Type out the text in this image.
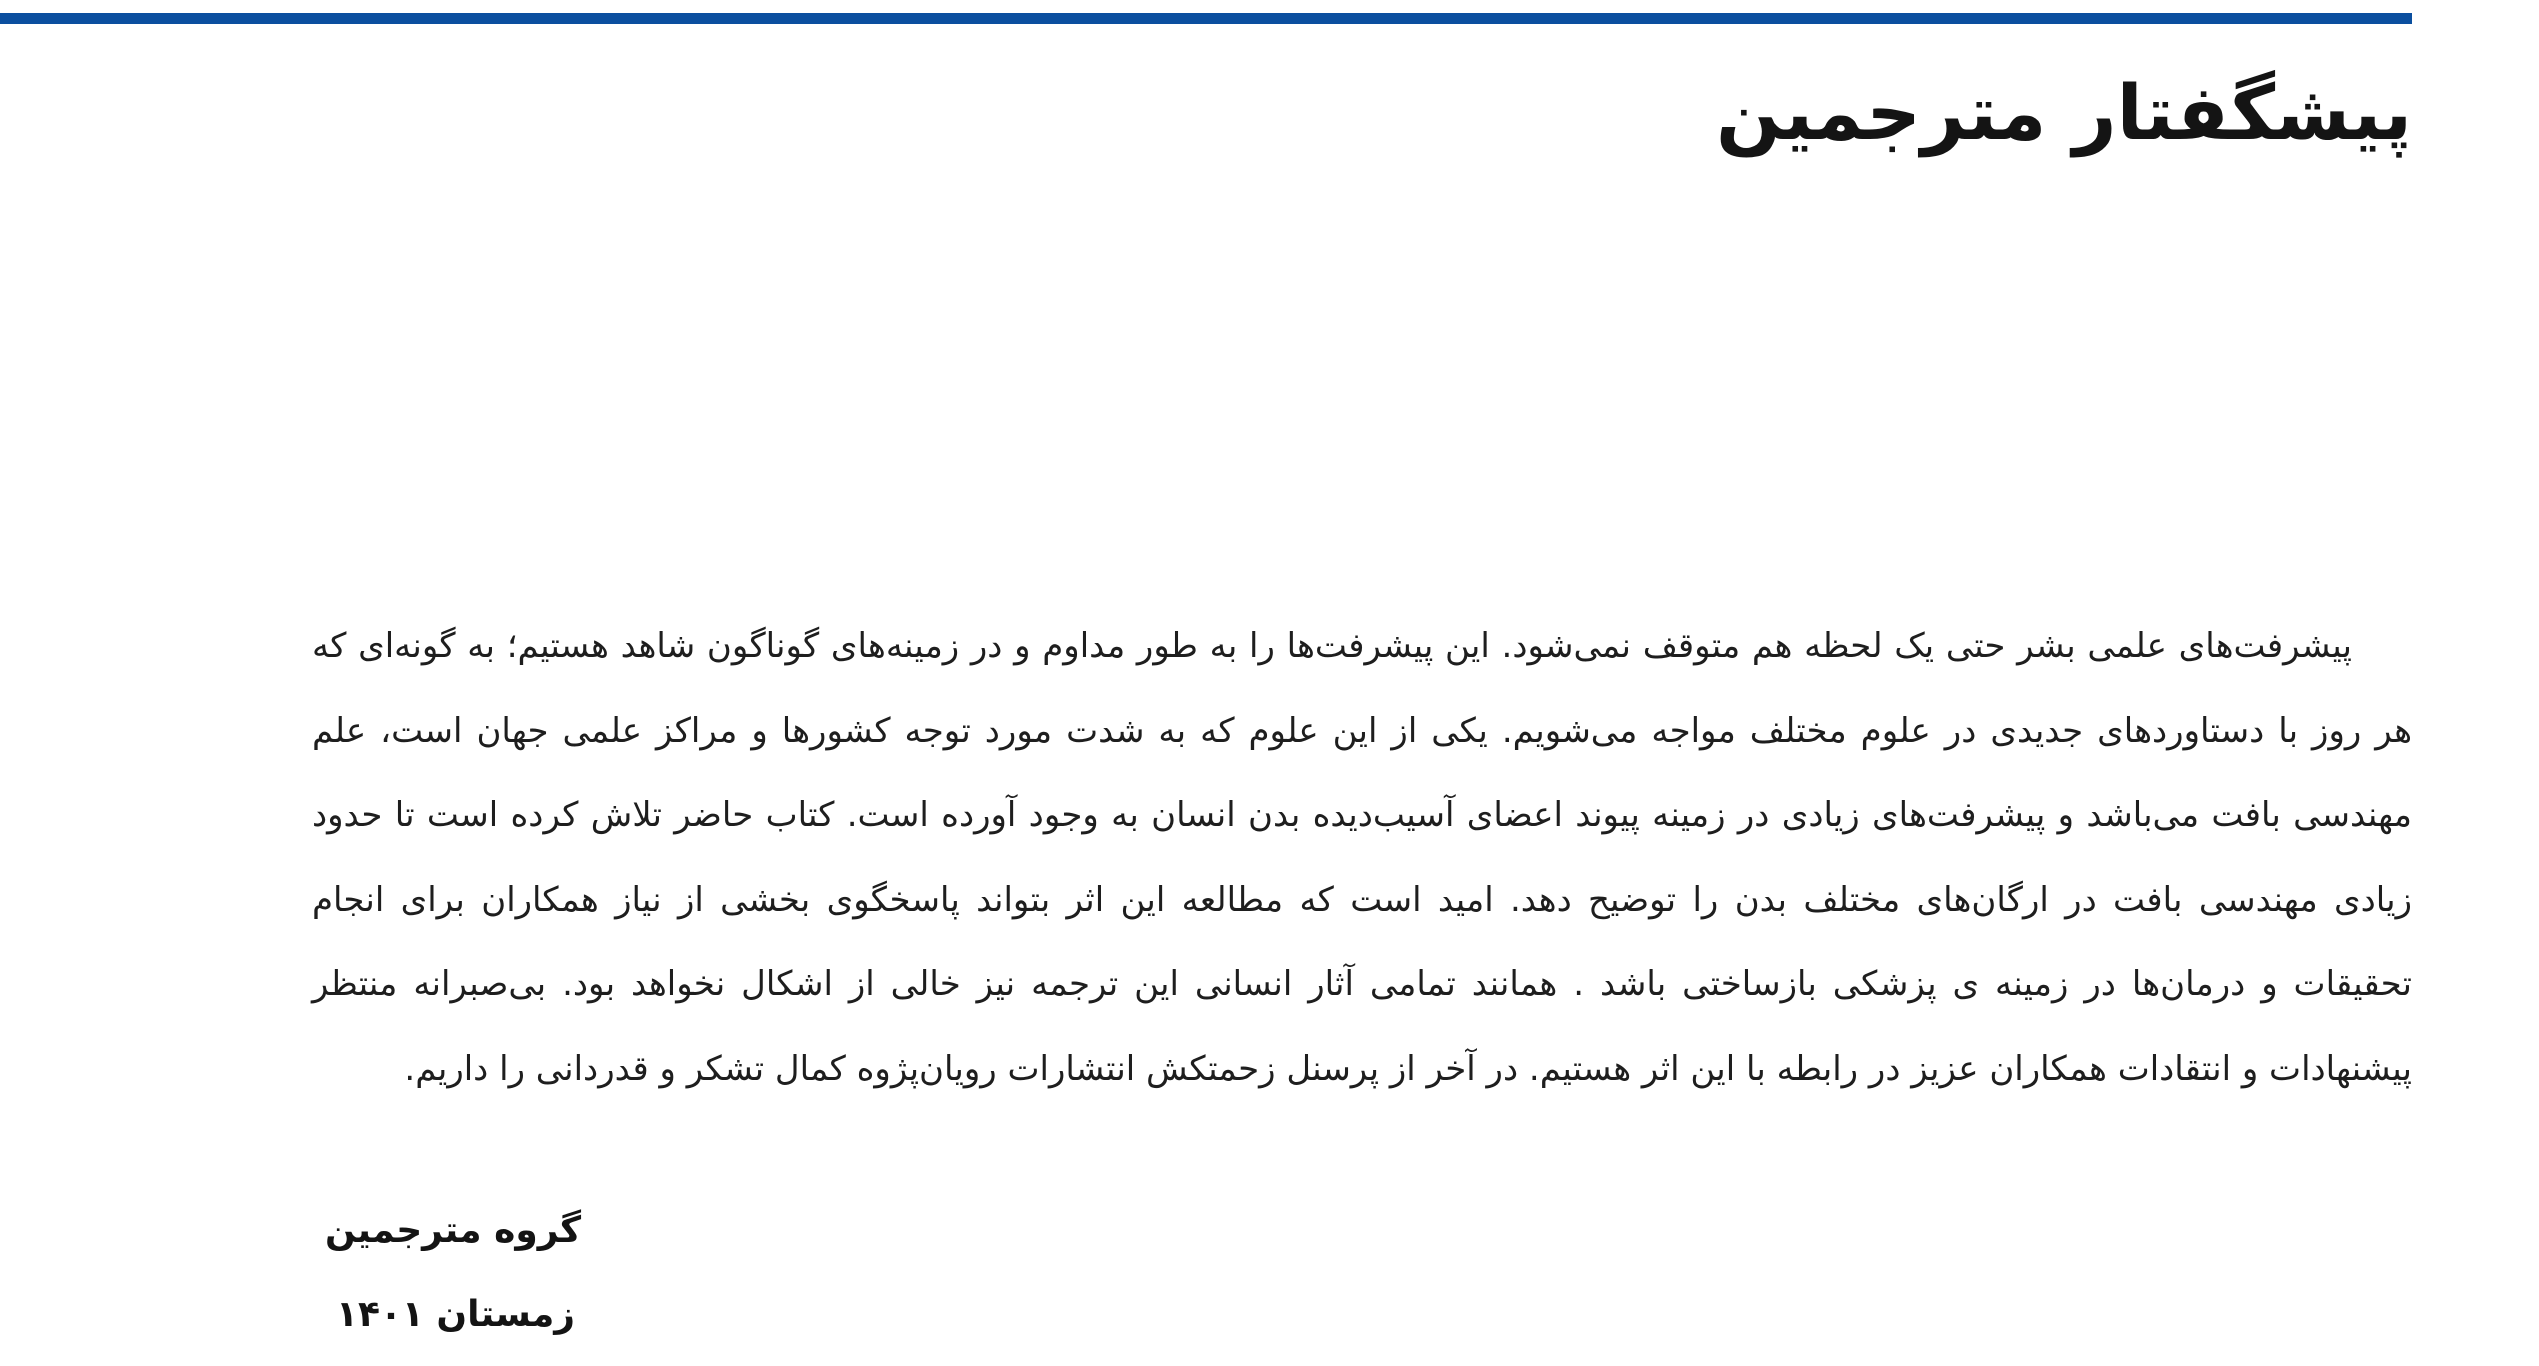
پیشگفتار مترجمین

پیشرفت‌های علمی بشر حتی یک لحظه هم متوقف نمی‌شود. این پیشرفت‌ها را به طور مداوم و در زمینه‌های گوناگون شاهد هستیم؛ به گونه‌ای که هر روز با دستاوردهای جدیدی در علوم مختلف مواجه می‌شویم. یکی از این علوم که به شدت مورد توجه کشورها و مراکز علمی جهان است، علم مهندسی بافت می‌باشد و پیشرفت‌های زیادی در زمینه پیوند اعضای آسیب‌دیده بدن انسان به وجود آورده است. کتاب حاضر تلاش کرده است تا حدود زیادی مهندسی بافت در ارگان‌های مختلف بدن را توضیح دهد. امید است که مطالعه این اثر بتواند پاسخگوی بخشی از نیاز همکاران برای انجام تحقیقات و درمان‌ها در زمینه ی پزشکی بازساختی باشد . همانند تمامی آثار انسانی این ترجمه نیز خالی از اشکال نخواهد بود. بی‌صبرانه منتظر پیشنهادات و انتقادات همکاران عزیز در رابطه با این اثر هستیم. در آخر از پرسنل زحمتکش انتشارات رویان‌پژوه کمال تشکر و قدردانی را داریم.

گروه مترجمین
زمستان ۱۴۰۱
